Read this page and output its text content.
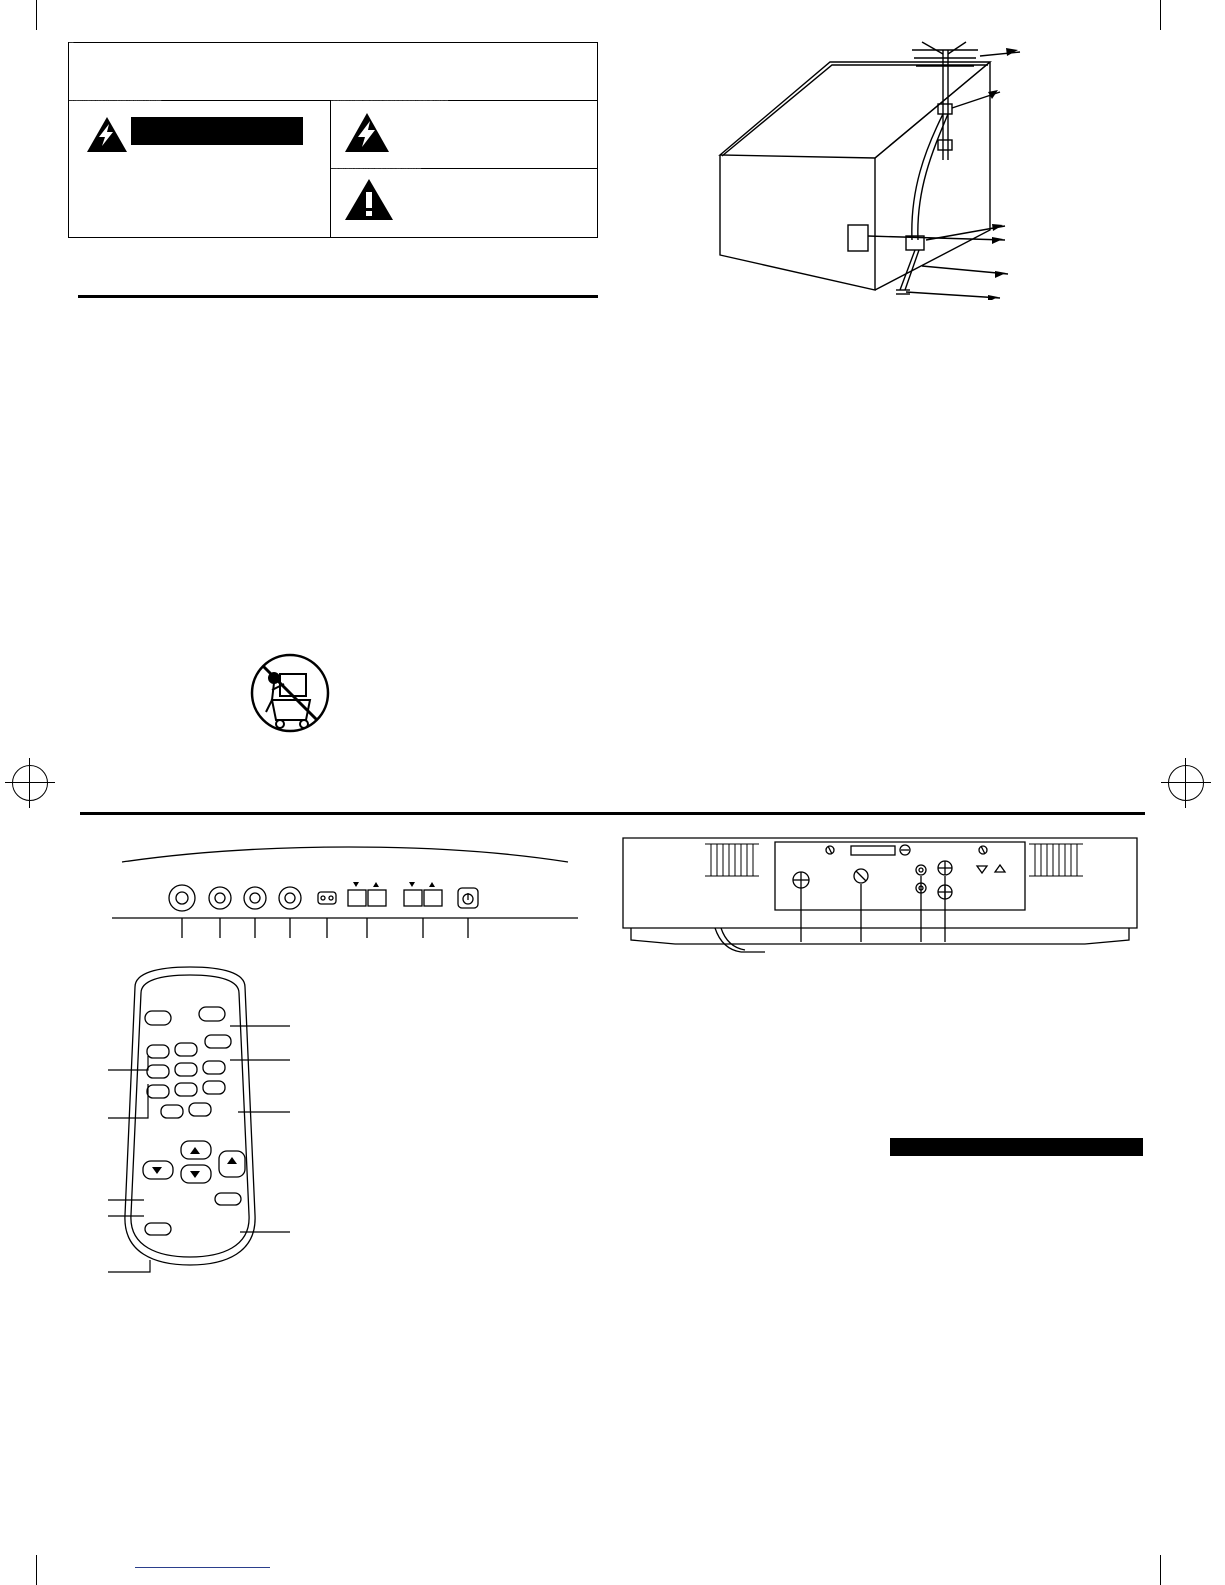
CAUTION
CAUTION: TO REDUCE THE RISK OF ELECTRIC SHOCK, DO NOT REMOVE COVER (OR BACK). NO USER-SERVICEABLE PARTS INSIDE. REFER SERVICING TO QUALIFIED SERVICE PERSONNEL.	The lightning flash with arrowhead symbol, within an equilateral triangle, is intended to alert the user to the presence of uninsulated "dangerous voltage" within the product's enclosure that may be of sufficient magnitude to constitute a risk of electric shock to persons.
The exclamation point within an equilateral triangle is intended to alert the user to the presence of important operating and maintenance (servicing) instructions in the literature accompanying the appliance.
